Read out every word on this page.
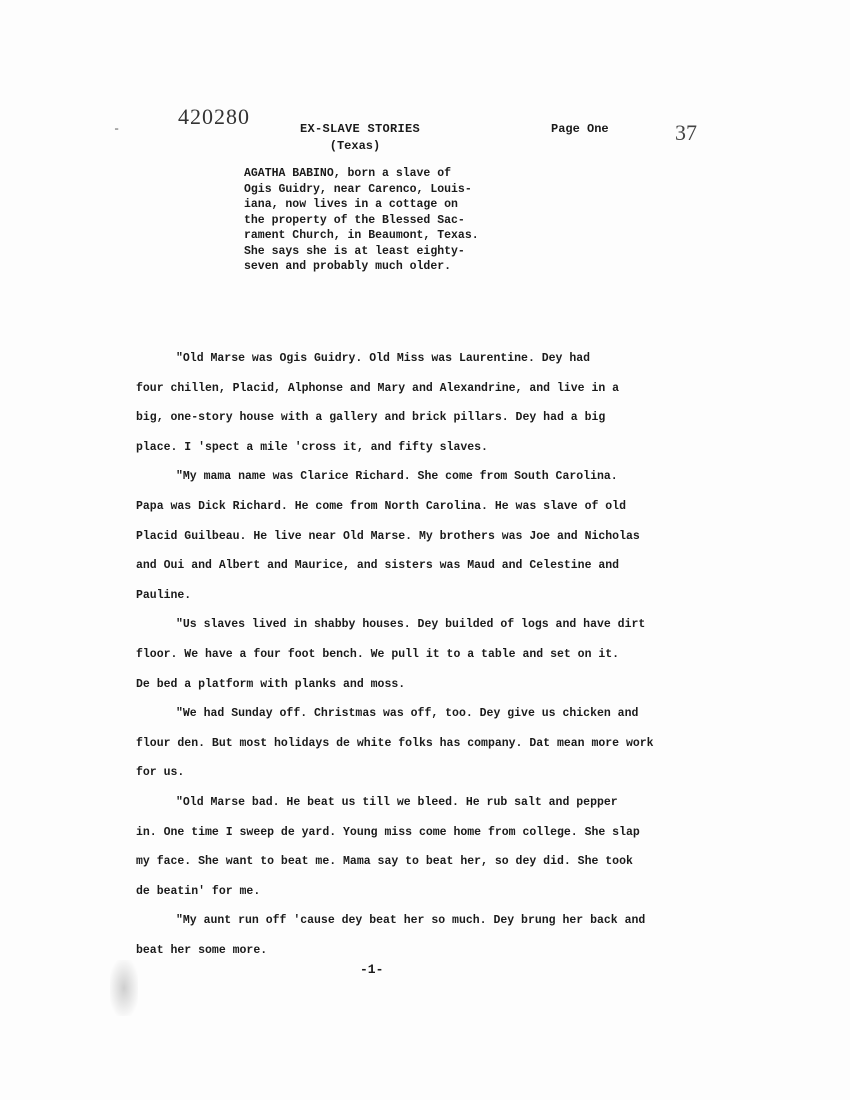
420280
-	EX-SLAVE STORIES
(Texas)
Page One	37
AGATHA BABINO, born a slave of
Ogis Guidry, near Carenco, Louis-
iana, now lives in a cottage on
the property of the Blessed Sac-
rament Church, in Beaumont, Texas.
She says she is at least eighty-
seven and probably much older.
"Old Marse was Ogis Guidry. Old Miss was Laurentine. Dey had
four chillen, Placid, Alphonse and Mary and Alexandrine, and live in a
big, one-story house with a gallery and brick pillars. Dey had a big
place. I 'spect a mile 'cross it, and fifty slaves.
"My mama name was Clarice Richard. She come from South Carolina.
Papa was Dick Richard. He come from North Carolina. He was slave of old
Placid Guilbeau. He live near Old Marse. My brothers was Joe and Nicholas
and Oui and Albert and Maurice, and sisters was Maud and Celestine and
Pauline.
"Us slaves lived in shabby houses. Dey builded of logs and have dirt
floor. We have a four foot bench. We pull it to a table and set on it.
De bed a platform with planks and moss.
"We had Sunday off. Christmas was off, too. Dey give us chicken and
flour den. But most holidays de white folks has company. Dat mean more work
for us.
"Old Marse bad. He beat us till we bleed. He rub salt and pepper
in. One time I sweep de yard. Young miss come home from college. She slap
my face. She want to beat me. Mama say to beat her, so dey did. She took
de beatin' for me.
"My aunt run off 'cause dey beat her so much. Dey brung her back and
beat her some more.
-1-
